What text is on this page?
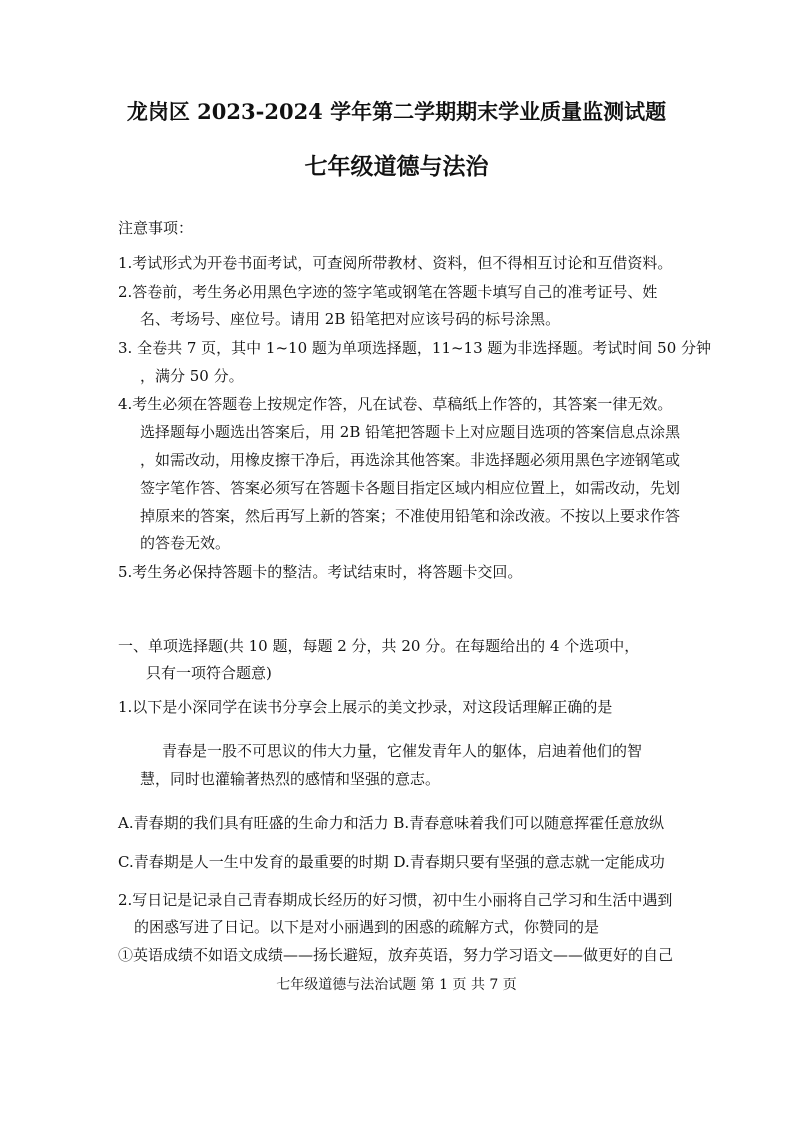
龙岗区 2023-2024 学年第二学期期末学业质量监测试题
七年级道德与法治
注意事项：
1.考试形式为开卷书面考试，可查阅所带教材、资料，但不得相互讨论和互借资料。
2.答卷前，考生务必用黑色字迹的签字笔或钢笔在答题卡填写自己的准考证号、姓
名、考场号、座位号。请用 2B 铅笔把对应该号码的标号涂黑。
3. 全卷共 7 页，其中 1~10 题为单项选择题，11~13 题为非选择题。考试时间 50 分钟
，满分 50 分。
4.考生必须在答题卷上按规定作答，凡在试卷、草稿纸上作答的，其答案一律无效。
选择题每小题选出答案后，用 2B 铅笔把答题卡上对应题目选项的答案信息点涂黑
，如需改动，用橡皮擦干净后，再选涂其他答案。非选择题必须用黑色字迹钢笔或
签字笔作答、答案必须写在答题卡各题目指定区域内相应位置上，如需改动，先划
掉原来的答案，然后再写上新的答案；不准使用铅笔和涂改液。不按以上要求作答
的答卷无效。
5.考生务必保持答题卡的整洁。考试结束时，将答题卡交回。
一、单项选择题(共 10 题，每题 2 分，共 20 分。在每题给出的 4 个选项中，
只有一项符合题意)
1.以下是小深同学在读书分享会上展示的美文抄录，对这段话理解正确的是
青春是一股不可思议的伟大力量，它催发青年人的躯体，启迪着他们的智
慧，同时也灌输著热烈的感情和坚强的意志。
A.青春期的我们具有旺盛的生命力和活力 B.青春意味着我们可以随意挥霍任意放纵
C.青春期是人一生中发育的最重要的时期 D.青春期只要有坚强的意志就一定能成功
2.写日记是记录自己青春期成长经历的好习惯，初中生小丽将自己学习和生活中遇到
的困惑写进了日记。以下是对小丽遇到的困惑的疏解方式，你赞同的是
①英语成绩不如语文成绩——扬长避短，放弃英语，努力学习语文——做更好的自己
七年级道德与法治试题 第 1 页 共 7 页
